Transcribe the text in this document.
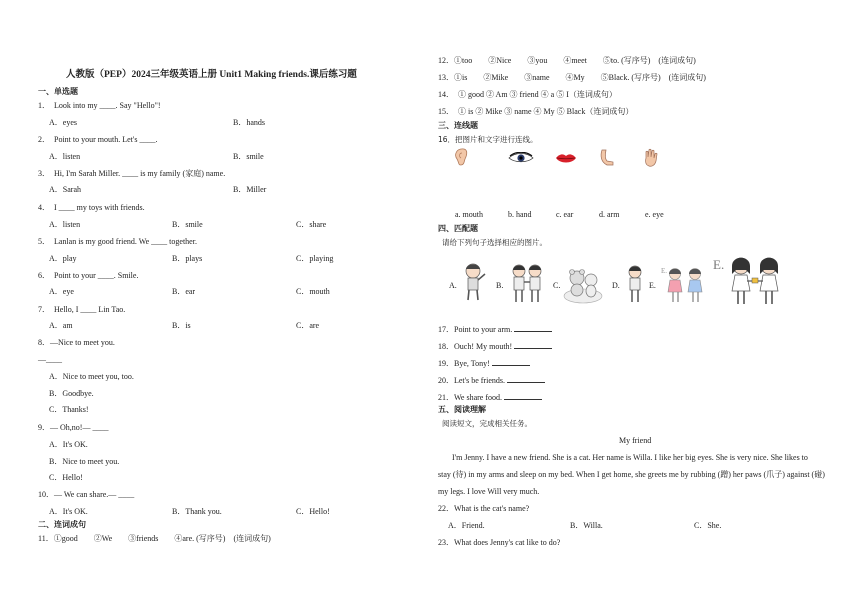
人教版（PEP）2024三年级英语上册 Unit1 Making friends.课后练习题
一、单选题
1．　Look into my ____. Say "Hello"!
A．eyes	B．hands
2．　Point to your mouth. Let's ____.
A．listen	B．smile
3．　Hi, I'm Sarah Miller. ____ is my family (家庭) name.
A．Sarah	B．Miller
4．　I ____ my toys with friends.
A．listen	B．smile	C．share
5．　Lanlan is my good friend. We ____ together.
A．play	B．plays	C．playing
6．　Point to your ____. Smile.
A．eye	B．ear	C．mouth
7．　Hello, I ____ Lin Tao.
A．am	B．is	C．are
8．—Nice to meet you.
—____
A．Nice to meet you, too.
B．Goodbye.
C．Thanks!
9．— Oh,no!— ____
A．It's OK.
B．Nice to meet you.
C．Hello!
10．— We can share.— ____
A．It's OK.	B．Thank you.	C．Hello!
二、连词成句
11．①good　　②We　　③friends　　④are. (写序号)　(连词成句)
12．①too　　②Nice　　③you　　④meet　　⑤to. (写序号)　(连词成句)
13．①is　　②Mike　　③name　　④My　　⑤Black. (写序号)　(连词成句)
14．　① good ② Am ③ friend ④ a ⑤ I（连词成句）
15．　① is ② Mike ③ name ④ My ⑤ Black（连词成句）
三、连线题
16．把图片和文字进行连线。
a. mouth	b. hand	c. ear	d. arm	e. eye
四、匹配题
请给下列句子选择相应的图片。
A.	B.	C.	D.	E.
E.	E.
17．Point to your arm.
18．Ouch! My mouth!
19．Bye, Tony!
20．Let's be friends.
21．We share food.
五、阅读理解
阅读短文，完成相关任务。
My friend
I'm Jenny. I have a new friend. She is a cat. Her name is Willa. I like her big eyes. She is very nice. She likes to
stay (待) in my arms and sleep on my bed. When I get home, she greets me by rubbing (蹭) her paws (爪子) against (碰)
my legs. I love Will very much.
22．What is the cat's name?
A．Friend.	B．Willa.	C．She.
23．What does Jenny's cat like to do?
